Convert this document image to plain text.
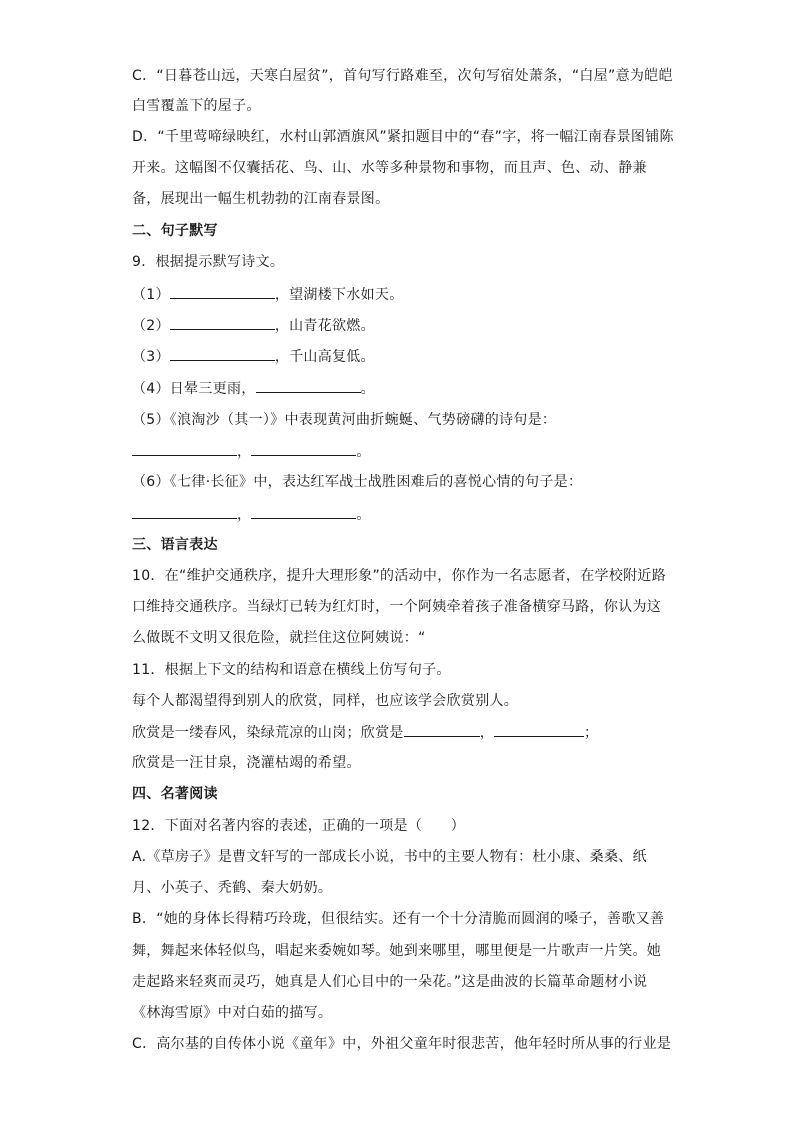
C．“日暮苍山远，天寒白屋贫”，首句写行路难至，次句写宿处萧条，“白屋”意为皑皑
白雪覆盖下的屋子。
D．“千里莺啼绿映红，水村山郭酒旗风”紧扣题目中的“春”字，将一幅江南春景图铺陈
开来。这幅图不仅囊括花、鸟、山、水等多种景物和事物，而且声、色、动、静兼
备，展现出一幅生机勃勃的江南春景图。
二、句子默写
9．根据提示默写诗文。
（1）	，望湖楼下水如天。
（2）	，山青花欲燃。
（3）	，千山高复低。
（4）日晕三更雨，	。
（5）《浪淘沙（其一）》中表现黄河曲折蜿蜒、气势磅礴的诗句是：
，	。
（6）《七律·长征》中，表达红军战士战胜困难后的喜悦心情的句子是：
，	。
三、语言表达
10．在“维护交通秩序，提升大理形象”的活动中，你作为一名志愿者，在学校附近路
口维持交通秩序。当绿灯已转为红灯时，一个阿姨牵着孩子准备横穿马路，你认为这
么做既不文明又很危险，就拦住这位阿姨说：“
11．根据上下文的结构和语意在横线上仿写句子。
每个人都渴望得到别人的欣赏，同样，也应该学会欣赏别人。
欣赏是一缕春风，染绿荒凉的山岗；欣赏是	，	；
欣赏是一汪甘泉，浇灌枯竭的希望。
四、名著阅读
12．下面对名著内容的表述，正确的一项是（　　）
A.《草房子》是曹文轩写的一部成长小说，书中的主要人物有：杜小康、桑桑、纸
月、小英子、秃鹤、秦大奶奶。
B．“她的身体长得精巧玲珑，但很结实。还有一个十分清脆而圆润的嗓子，善歌又善
舞，舞起来体轻似鸟，唱起来委婉如琴。她到来哪里，哪里便是一片歌声一片笑。她
走起路来轻爽而灵巧，她真是人们心目中的一朵花。”这是曲波的长篇革命题材小说
《林海雪原》中对白茹的描写。
C．高尔基的自传体小说《童年》中，外祖父童年时很悲苦，他年轻时所从事的行业是
